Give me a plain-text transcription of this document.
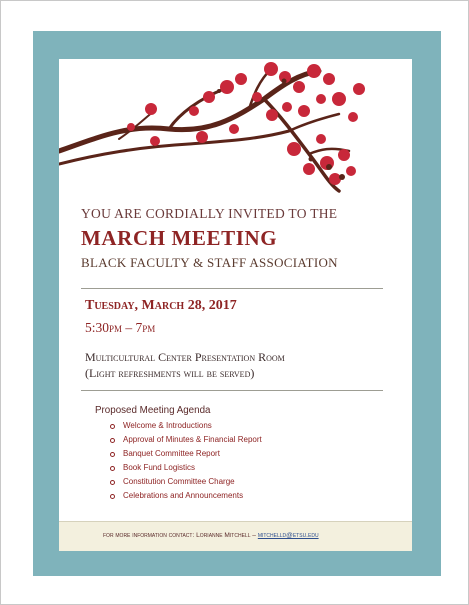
YOU ARE CORDIALLY INVITED TO THE
MARCH MEETING
BLACK FACULTY & STAFF ASSOCIATION
Tuesday, March 28, 2017
5:30pm – 7pm
Multicultural Center Presentation Room
(Light refreshments will be served)
Proposed Meeting Agenda
Welcome & Introductions
Approval of Minutes & Financial Report
Banquet Committee Report
Book Fund Logistics
Constitution Committee Charge
Celebrations and Announcements
for more information contact: Lorianne Mitchell – mitchelld@etsu.edu
